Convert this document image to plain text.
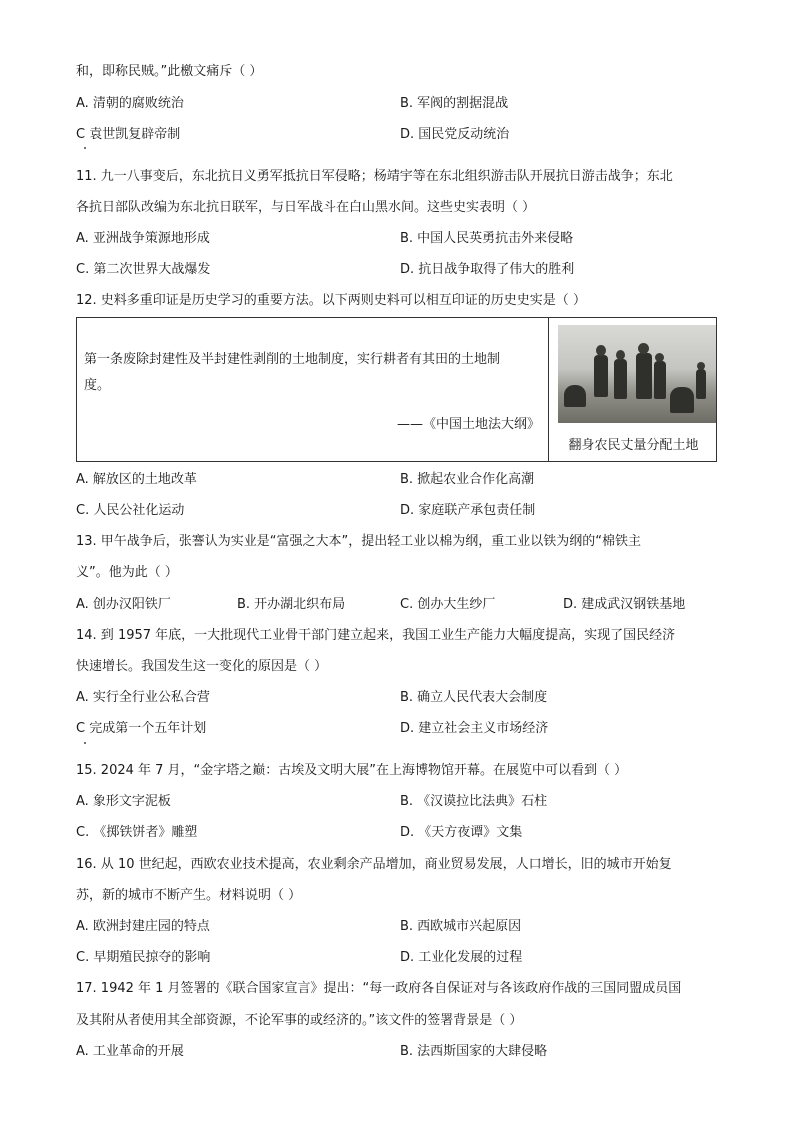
和，即称民贼。”此檄文痛斥（ ）
A. 清朝的腐败统治	B. 军阀的割据混战
C 袁世凯复辟帝制	D. 国民党反动统治
11. 九一八事变后，东北抗日义勇军抵抗日军侵略；杨靖宇等在东北组织游击队开展抗日游击战争；东北
各抗日部队改编为东北抗日联军，与日军战斗在白山黑水间。这些史实表明（ ）
A. 亚洲战争策源地形成	B. 中国人民英勇抗击外来侵略
C. 第二次世界大战爆发	D. 抗日战争取得了伟大的胜利
12. 史料多重印证是历史学习的重要方法。以下两则史料可以相互印证的历史史实是（ ）
第一条废除封建性及半封建性剥削的土地制度，实行耕者有其田的土地制
度。
——《中国土地法大纲》
翻身农民丈量分配土地
A. 解放区的土地改革	B. 掀起农业合作化高潮
C. 人民公社化运动	D. 家庭联产承包责任制
13. 甲午战争后，张謇认为实业是“富强之大本”，提出轻工业以棉为纲，重工业以铁为纲的“棉铁主
义”。他为此（ ）
A. 创办汉阳铁厂	B. 开办湖北织布局	C. 创办大生纱厂	D. 建成武汉钢铁基地
14. 到 1957 年底，一大批现代工业骨干部门建立起来，我国工业生产能力大幅度提高，实现了国民经济
快速增长。我国发生这一变化的原因是（ ）
A. 实行全行业公私合营	B. 确立人民代表大会制度
C 完成第一个五年计划	D. 建立社会主义市场经济
15. 2024 年 7 月，“金字塔之巅：古埃及文明大展”在上海博物馆开幕。在展览中可以看到（ ）
A. 象形文字泥板	B. 《汉谟拉比法典》石柱
C. 《掷铁饼者》雕塑	D. 《天方夜谭》文集
16. 从 10 世纪起，西欧农业技术提高，农业剩余产品增加，商业贸易发展，人口增长，旧的城市开始复
苏，新的城市不断产生。材料说明（ ）
A. 欧洲封建庄园的特点	B. 西欧城市兴起原因
C. 早期殖民掠夺的影响	D. 工业化发展的过程
17. 1942 年 1 月签署的《联合国家宣言》提出：“每一政府各自保证对与各该政府作战的三国同盟成员国
及其附从者使用其全部资源，不论军事的或经济的。”该文件的签署背景是（ ）
A. 工业革命的开展	B. 法西斯国家的大肆侵略
